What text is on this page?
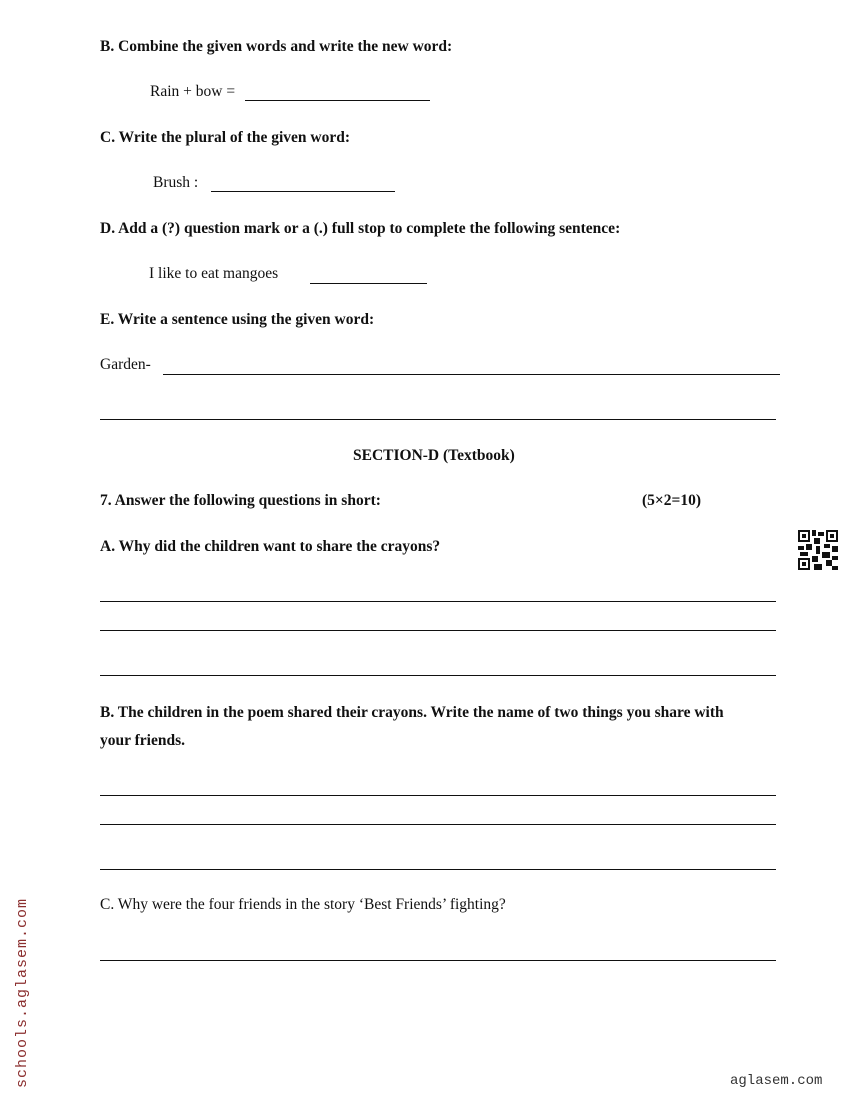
B. Combine the given words and write the new word:
Rain + bow =
C. Write the plural of the given word:
Brush :
D. Add a (?) question mark or a (.) full stop to complete the following sentence:
I like to eat mangoes
E. Write a sentence using the given word:
Garden-
SECTION-D (Textbook)
7. Answer the following questions in short:	(5×2=10)
A. Why did the children want to share the crayons?
B. The children in the poem shared their crayons. Write the name of two things you share with
your friends.
C. Why were the four friends in the story ‘Best Friends’ fighting?
schools.aglasem.com	aglasem.com
